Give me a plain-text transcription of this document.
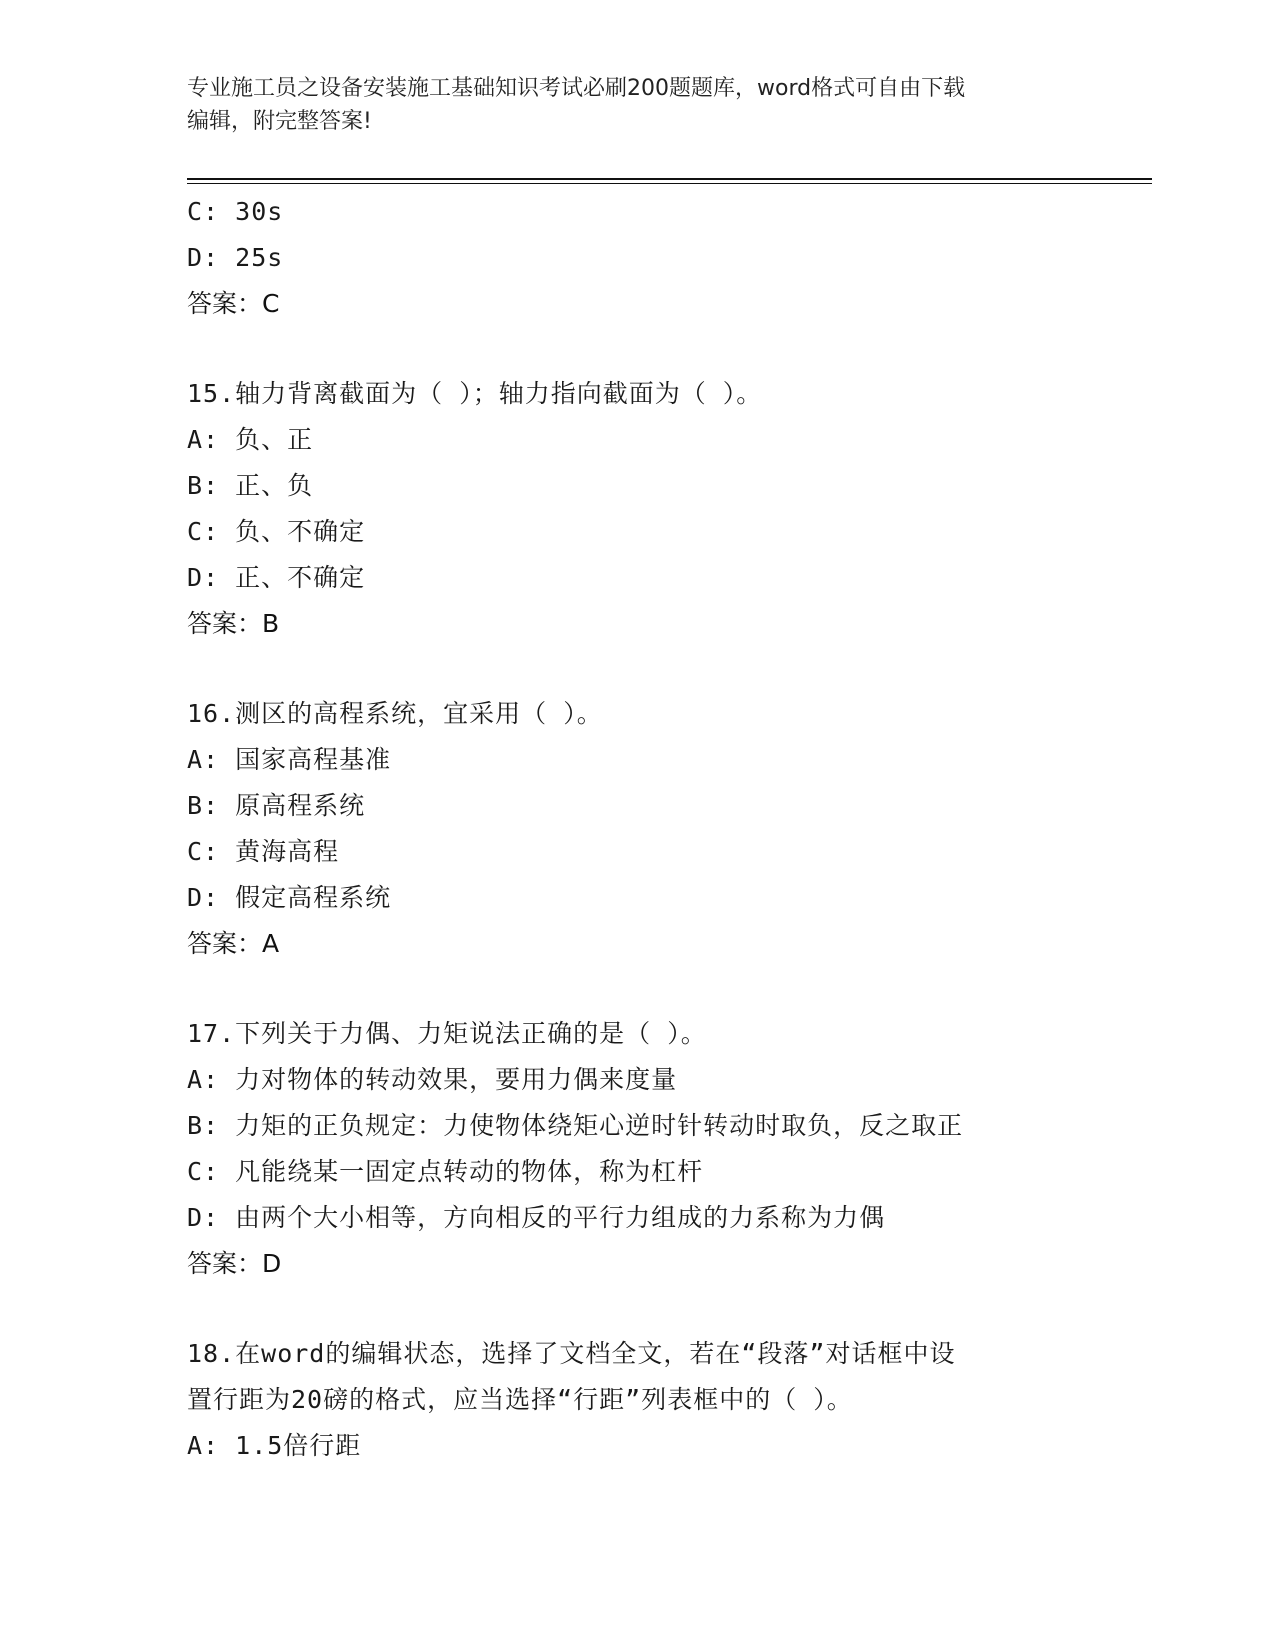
专业施工员之设备安装施工基础知识考试必刷200题题库，word格式可自由下载
编辑，附完整答案!
C: 30s
D: 25s
答案：C
15.轴力背离截面为（ ）；轴力指向截面为（ ）。
A: 负、正
B: 正、负
C: 负、不确定
D: 正、不确定
答案：B
16.测区的高程系统，宜采用（ ）。
A: 国家高程基准
B: 原高程系统
C: 黄海高程
D: 假定高程系统
答案：A
17.下列关于力偶、力矩说法正确的是（ ）。
A: 力对物体的转动效果，要用力偶来度量
B: 力矩的正负规定：力使物体绕矩心逆时针转动时取负，反之取正
C: 凡能绕某一固定点转动的物体，称为杠杆
D: 由两个大小相等，方向相反的平行力组成的力系称为力偶
答案：D
18.在word的编辑状态，选择了文档全文，若在“段落”对话框中设
置行距为20磅的格式，应当选择“行距”列表框中的（ ）。
A: 1.5倍行距
